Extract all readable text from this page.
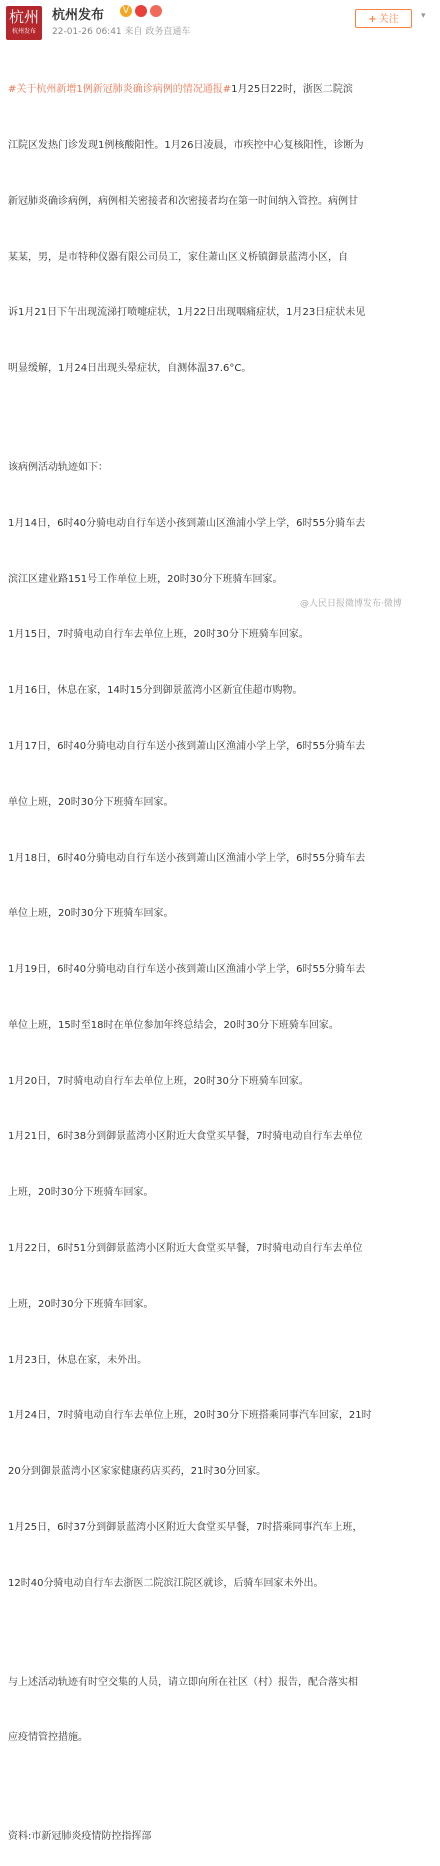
杭州
杭州发布
杭州发布	V
22-01-26 06:41 来自 政务直通车
+ 关注	▾

#关于杭州新增1例新冠肺炎确诊病例的情况通报#1月25日22时，浙医二院滨

江院区发热门诊发现1例核酸阳性。1月26日凌晨，市疾控中心复核阳性，诊断为

新冠肺炎确诊病例，病例相关密接者和次密接者均在第一时间纳入管控。病例甘

某某，男，是市特种仪器有限公司员工，家住萧山区义桥镇御景蓝湾小区，自

诉1月21日下午出现流涕打喷嚏症状，1月22日出现咽痛症状，1月23日症状未见

明显缓解，1月24日出现头晕症状，自测体温37.6°C。

该病例活动轨迹如下：

1月14日，6时40分骑电动自行车送小孩到萧山区渔浦小学上学，6时55分骑车去

滨江区建业路151号工作单位上班，20时30分下班骑车回家。

1月15日，7时骑电动自行车去单位上班，20时30分下班骑车回家。

1月16日，休息在家，14时15分到御景蓝湾小区新宜佳超市购物。

1月17日，6时40分骑电动自行车送小孩到萧山区渔浦小学上学，6时55分骑车去

单位上班，20时30分下班骑车回家。

1月18日，6时40分骑电动自行车送小孩到萧山区渔浦小学上学，6时55分骑车去

单位上班，20时30分下班骑车回家。

1月19日，6时40分骑电动自行车送小孩到萧山区渔浦小学上学，6时55分骑车去

单位上班，15时至18时在单位参加年终总结会，20时30分下班骑车回家。

1月20日，7时骑电动自行车去单位上班，20时30分下班骑车回家。

1月21日，6时38分到御景蓝湾小区附近大食堂买早餐，7时骑电动自行车去单位

上班，20时30分下班骑车回家。

1月22日，6时51分到御景蓝湾小区附近大食堂买早餐，7时骑电动自行车去单位

上班，20时30分下班骑车回家。

1月23日，休息在家，未外出。

1月24日，7时骑电动自行车去单位上班，20时30分下班搭乘同事汽车回家，21时

20分到御景蓝湾小区家家健康药店买药，21时30分回家。

1月25日，6时37分到御景蓝湾小区附近大食堂买早餐，7时搭乘同事汽车上班，

12时40分骑电动自行车去浙医二院滨江院区就诊，后骑车回家未外出。

与上述活动轨迹有时空交集的人员，请立即向所在社区（村）报告，配合落实相

应疫情管控措施。

资料:市新冠肺炎疫情防控指挥部

@人民日报微博发布·微博
